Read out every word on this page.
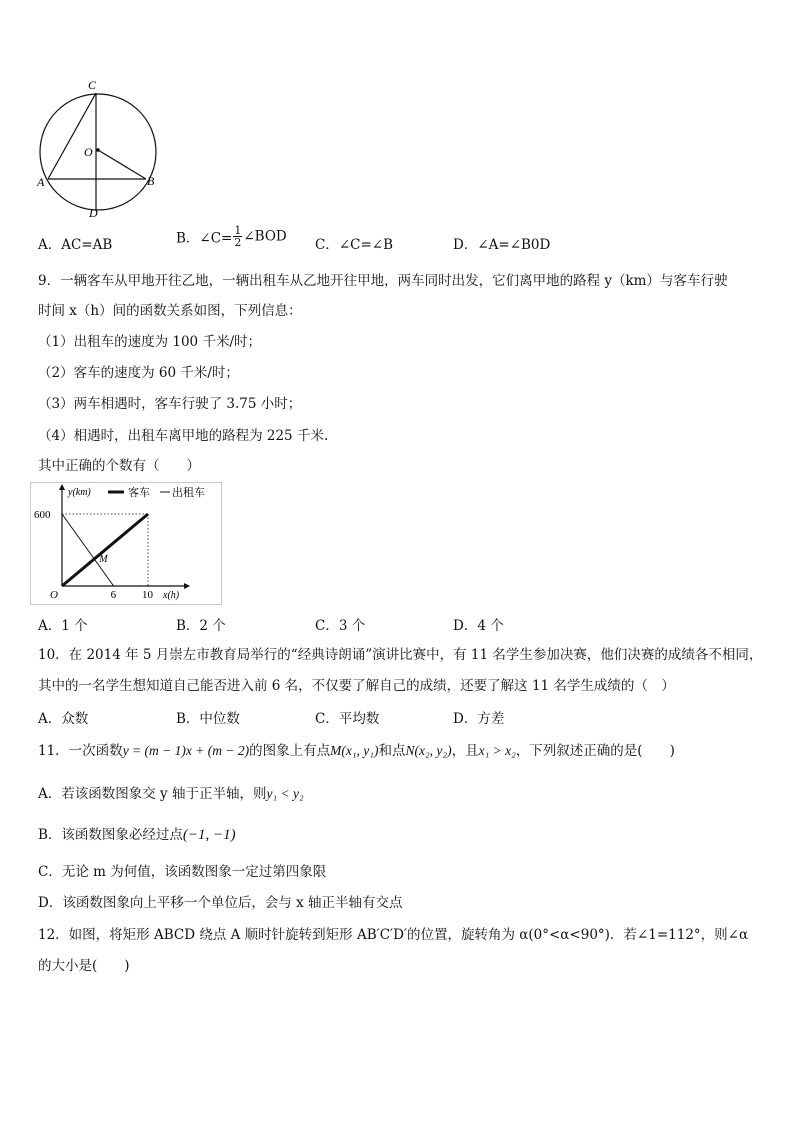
C
O
A	B
D
A．AC=AB	B．∠C= $\frac{1}{2}$ ∠BOD
C．∠C=∠B	D．∠A=∠B0D
9．一辆客车从甲地开往乙地，一辆出租车从乙地开往甲地，两车同时出发，它们离甲地的路程 y（km）与客车行驶
时间 x（h）间的函数关系如图，下列信息：
（1）出租车的速度为 100 千米/时；
（2）客车的速度为 60 千米/时；
（3）两车相遇时，客车行驶了 3.75 小时；
（4）相遇时，出租车离甲地的路程为 225 千米.
其中正确的个数有（　　）
600
6 10
O	x(h)
y(km)
M
客车 出租车
A．1 个	B．2 个	C．3 个	D．4 个
10．在 2014 年 5 月崇左市教育局举行的“经典诗朗诵”演讲比赛中，有 11 名学生参加决赛，他们决赛的成绩各不相同，
其中的一名学生想知道自己能否进入前 6 名，不仅要了解自己的成绩，还要了解这 11 名学生成绩的（　）
A．众数	B．中位数	C．平均数	D．方差
11．一次函数y = (m − 1)x + (m − 2)的图象上有点M(x₁, y₁)和点N(x₂, y₂)，且x₁ > x₂，下列叙述正确的是(　　)
A．若该函数图象交 y 轴于正半轴，则y₁ < y₂
B．该函数图象必经过点(−1, −1)
C．无论 m 为何值，该函数图象一定过第四象限
D．该函数图象向上平移一个单位后，会与 x 轴正半轴有交点
12．如图，将矩形 ABCD 绕点 A 顺时针旋转到矩形 AB′C′D′的位置，旋转角为 α(0°<α<90°)．若∠1=112°，则∠α
的大小是(　　)
